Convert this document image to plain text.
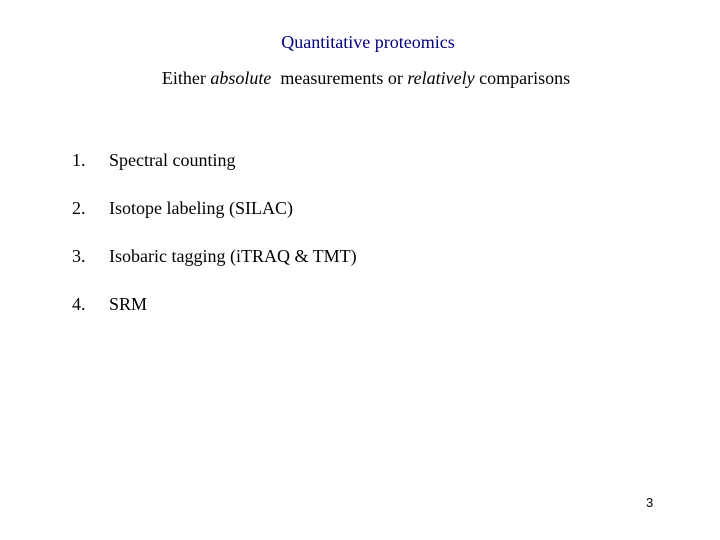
Quantitative proteomics
Either absolute  measurements or relatively comparisons
1. Spectral counting
2. Isotope labeling (SILAC)
3. Isobaric tagging (iTRAQ & TMT)
4. SRM
3
